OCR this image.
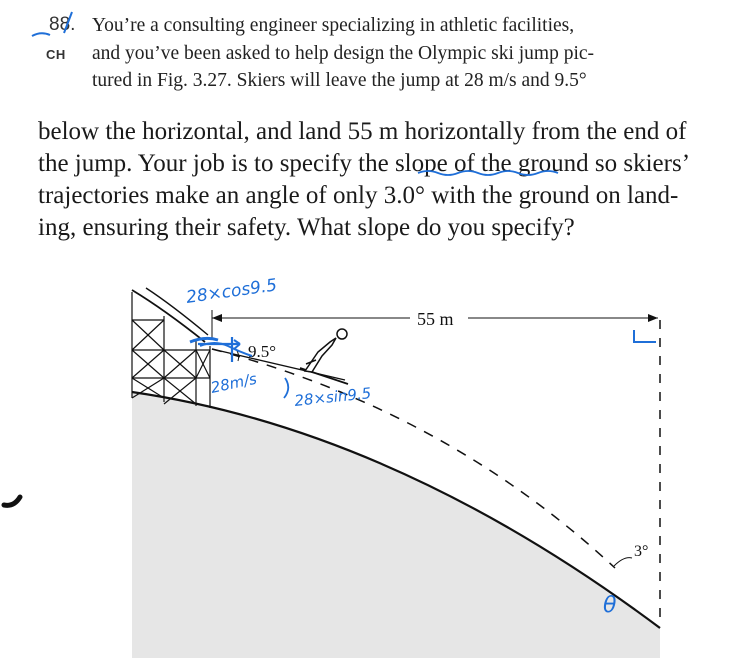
88.
CH
You’re a consulting engineer specializing in athletic facilities,
and you’ve been asked to help design the Olympic ski jump pic-
tured in Fig. 3.27. Skiers will leave the jump at 28 m/s and 9.5°
below the horizontal, and land 55 m horizontally from the end of
the jump. Your job is to specify the slope of the ground so skiers’
trajectories make an angle of only 3.0° with the ground on land-
ing, ensuring their safety. What slope do you specify?
55 m
9.5°
3°
28×cos9.5
28m/s
28×sin9.5
θ
